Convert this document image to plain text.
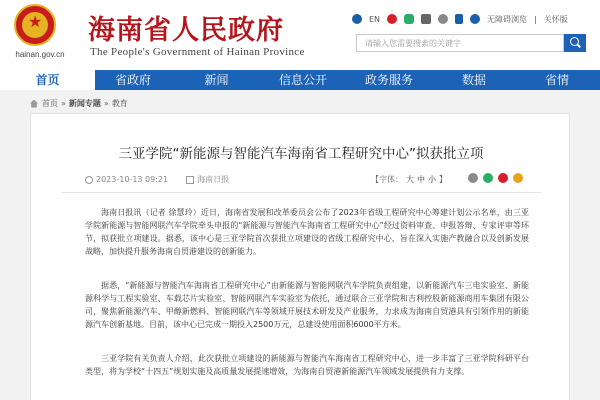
★
hainan.gov.cn
海南省人民政府
The People's Government of Hainan Province
EN	无障碍浏览 | 关怀版
请输入您需要搜索的关键字
首页	省政府	新闻	信息公开	政务服务	数据	省情
首页 » 新闻专题 » 教育
三亚学院“新能源与智能汽车海南省工程研究中心”拟获批立项
2023-10-13 09:21	海南日报	【字体： 大 中 小 】

海南日报讯（记者 徐慧玲）近日，海南省发展和改革委员会公布了2023年省级工程研究中心筹建计划公示名单，由三亚学院新能源与智能网联汽车学院牵头申报的“新能源与智能汽车海南省工程研究中心”经过资料审查、申报答辩、专家评审等环节，拟获批立项建设。据悉，该中心是三亚学院首次获批立项建设的省级工程研究中心，旨在深入实施产教融合以及创新发展战略，加快提升服务海南自贸港建设的创新能力。

据悉，“新能源与智能汽车海南省工程研究中心”由新能源与智能网联汽车学院负责组建，以新能源汽车三电实验室、新能源科学与工程实验室、车载芯片实验室、智能网联汽车实验室为依托，通过联合三亚学院和吉利控股新能源商用车集团有限公司，聚焦新能源汽车、甲醇新燃料、智能网联汽车等领域开展技术研发及产业服务，力求成为海南自贸港具有引领作用的新能源汽车创新基地。目前，该中心已完成一期投入2500万元，总建设使用面积6000平方米。

三亚学院有关负责人介绍，此次获批立项建设的新能源与智能汽车海南省工程研究中心，进一步丰富了三亚学院科研平台类型，将为学校“十四五”规划实施及高质量发展提速增效，为海南自贸港新能源汽车领域发展提供有力支撑。
